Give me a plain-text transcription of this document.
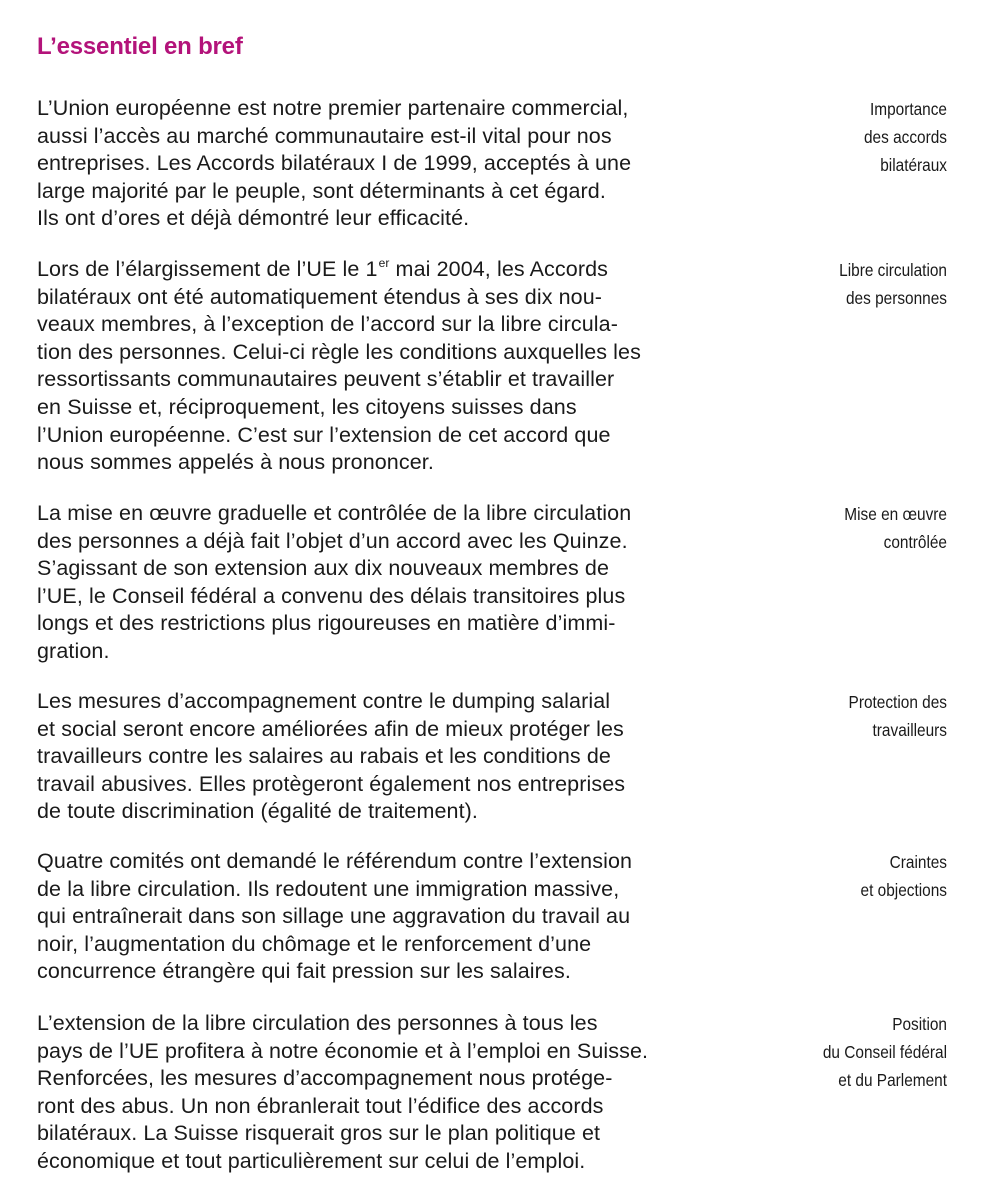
L’essentiel en bref

L’Union européenne est notre premier partenaire commercial,
aussi l’accès au marché communautaire est-il vital pour nos
entreprises. Les Accords bilatéraux I de 1999, acceptés à une
large majorité par le peuple, sont déterminants à cet égard.
Ils ont d’ores et déjà démontré leur efficacité.

Importance
des accords
bilatéraux

Lors de l’élargissement de l’UE le 1er mai 2004, les Accords
bilatéraux ont été automatiquement étendus à ses dix nou-
veaux membres, à l’exception de l’accord sur la libre circula-
tion des personnes. Celui-ci règle les conditions auxquelles les
ressortissants communautaires peuvent s’établir et travailler
en Suisse et, réciproquement, les citoyens suisses dans
l’Union européenne. C’est sur l’extension de cet accord que
nous sommes appelés à nous prononcer.

Libre circulation
des personnes

La mise en œuvre graduelle et contrôlée de la libre circulation
des personnes a déjà fait l’objet d’un accord avec les Quinze.
S’agissant de son extension aux dix nouveaux membres de
l’UE, le Conseil fédéral a convenu des délais transitoires plus
longs et des restrictions plus rigoureuses en matière d’immi-
gration.

Mise en œuvre
contrôlée

Les mesures d’accompagnement contre le dumping salarial
et social seront encore améliorées afin de mieux protéger les
travailleurs contre les salaires au rabais et les conditions de
travail abusives. Elles protègeront également nos entreprises
de toute discrimination (égalité de traitement).

Protection des
travailleurs

Quatre comités ont demandé le référendum contre l’extension
de la libre circulation. Ils redoutent une immigration massive,
qui entraînerait dans son sillage une aggravation du travail au
noir, l’augmentation du chômage et le renforcement d’une
concurrence étrangère qui fait pression sur les salaires.

Craintes
et objections

L’extension de la libre circulation des personnes à tous les
pays de l’UE profitera à notre économie et à l’emploi en Suisse.
Renforcées, les mesures d’accompagnement nous protége-
ront des abus. Un non ébranlerait tout l’édifice des accords
bilatéraux. La Suisse risquerait gros sur le plan politique et
économique et tout particulièrement sur celui de l’emploi.

Position
du Conseil fédéral
et du Parlement
